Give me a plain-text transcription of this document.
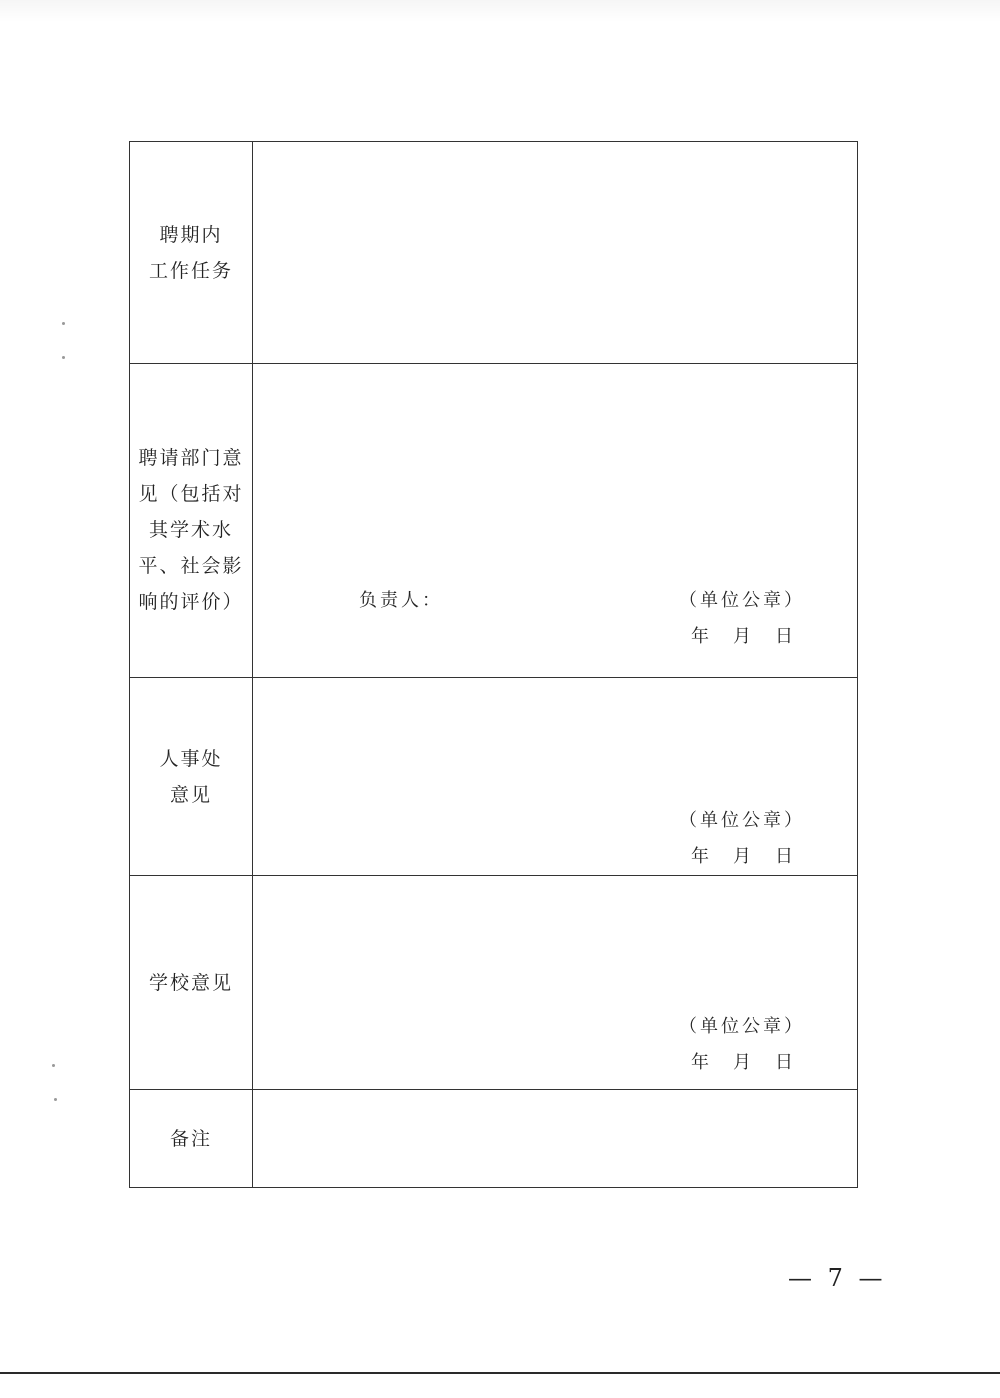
聘期内
工作任务	

聘请部门意
见（包括对
其学术水
平、社会影
响的评价）	负责人： （单位公章）
年　月　日

人事处
意见	（单位公章）
年　月　日

学校意见	（单位公章）
年　月　日

备注	

— 7 —
